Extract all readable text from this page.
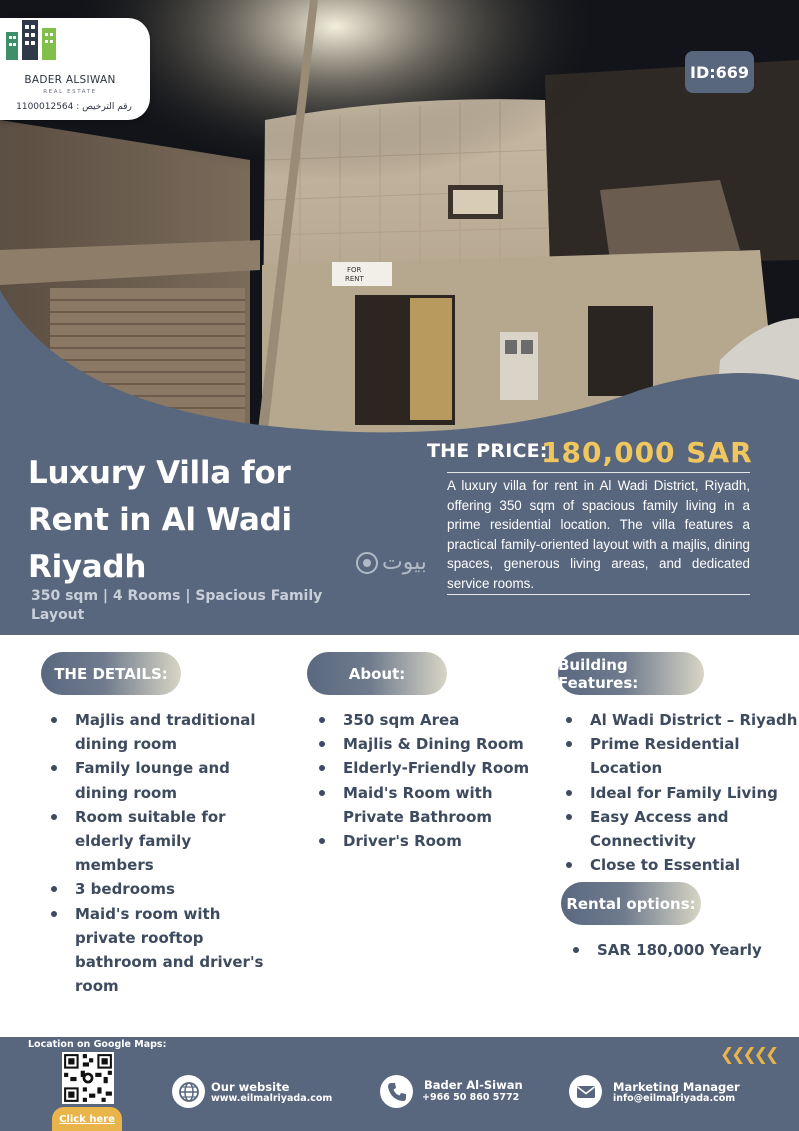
FOR
RENT
BADER ALSIWAN
REAL ESTATE
رقم الترخيص : 1100012564
ID:669
Luxury Villa for
Rent in Al Wadi
Riyadh
350 sqm | 4 Rooms | Spacious Family Layout
بيوت
THE PRICE:
180,000 SAR
A luxury villa for rent in Al Wadi District, Riyadh, offering 350 sqm of spacious family living in a prime residential location. The villa features a practical family-oriented layout with a majlis, dining spaces, generous living areas, and dedicated service rooms.
THE DETAILS:
Majlis and traditional dining room
Family lounge and dining room
Room suitable for elderly family members
3 bedrooms
Maid's room with private rooftop bathroom and driver's room
About:
350 sqm Area
Majlis & Dining Room
Elderly-Friendly Room
Maid's Room with Private Bathroom
Driver's Room
Building Features:
Al Wadi District – Riyadh
Prime Residential Location
Ideal for Family Living
Easy Access and Connectivity
Close to Essential
Rental options:
SAR 180,000 Yearly
Location on Google Maps:
Click here
Our website
www.eilmalriyada.com
Bader Al-Siwan
+966 50 860 5772
Marketing Manager
info@eilmalriyada.com
❮❮❮❮❮
